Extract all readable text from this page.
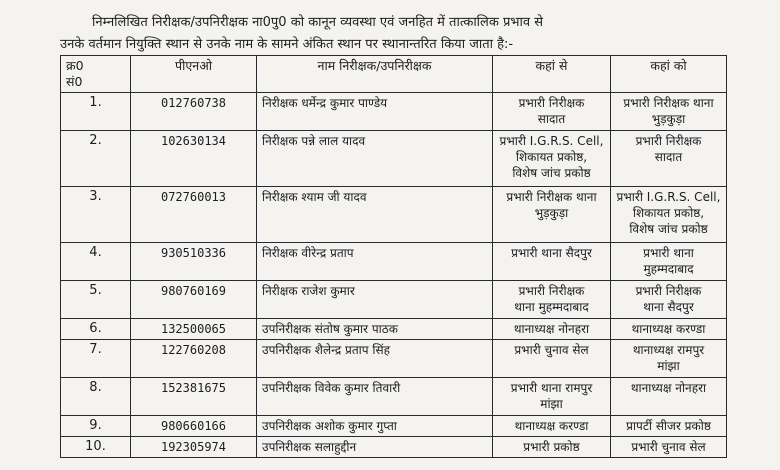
निम्नलिखित निरीक्षक/उपनिरीक्षक ना0पु0 को कानून व्यवस्था एवं जनहित में तात्कालिक प्रभाव से
उनके वर्तमान नियुक्ति स्थान से उनके नाम के सामने अंकित स्थान पर स्थानान्तरित किया जाता है:-
क्र0
सं0	पीएनओ	नाम निरीक्षक/उपनिरीक्षक	कहां से	कहां को
1.	012760738	निरीक्षक धर्मेन्द्र कुमार पाण्डेय	प्रभारी निरीक्षक
सादात	प्रभारी निरीक्षक थाना
भुड़कुड़ा

2.	102630134	निरीक्षक पन्ने लाल यादव	प्रभारी I.G.R.S. Cell,
शिकायत प्रकोष्ठ,
विशेष जांच प्रकोष्ठ	प्रभारी निरीक्षक
सादात

3.	072760013	निरीक्षक श्याम जी यादव	प्रभारी निरीक्षक थाना
भुड़कुड़ा	प्रभारी I.G.R.S. Cell,
शिकायत प्रकोष्ठ,
विशेष जांच प्रकोष्ठ

4.	930510336	निरीक्षक वीरेन्द्र प्रताप	प्रभारी थाना सैदपुर	प्रभारी थाना
मुहम्मदाबाद

5.	980760169	निरीक्षक राजेश कुमार	प्रभारी निरीक्षक
थाना मुहम्मदाबाद	प्रभारी निरीक्षक
थाना सैदपुर

6.	132500065	उपनिरीक्षक संतोष कुमार पाठक	थानाध्यक्ष नोनहरा	थानाध्यक्ष करण्डा

7.	122760208	उपनिरीक्षक शैलेन्द्र प्रताप सिंह	प्रभारी चुनाव सेल	थानाध्यक्ष रामपुर
मांझा

8.	152381675	उपनिरीक्षक विवेक कुमार तिवारी	प्रभारी थाना रामपुर
मांझा	थानाध्यक्ष नोनहरा

9.	980660166	उपनिरीक्षक अशोक कुमार गुप्ता	थानाध्यक्ष करण्डा	प्रापर्टी सीजर प्रकोष्ठ

10.	192305974	उपनिरीक्षक सलाहुद्दीन	प्रभारी प्रकोष्ठ	प्रभारी चुनाव सेल
